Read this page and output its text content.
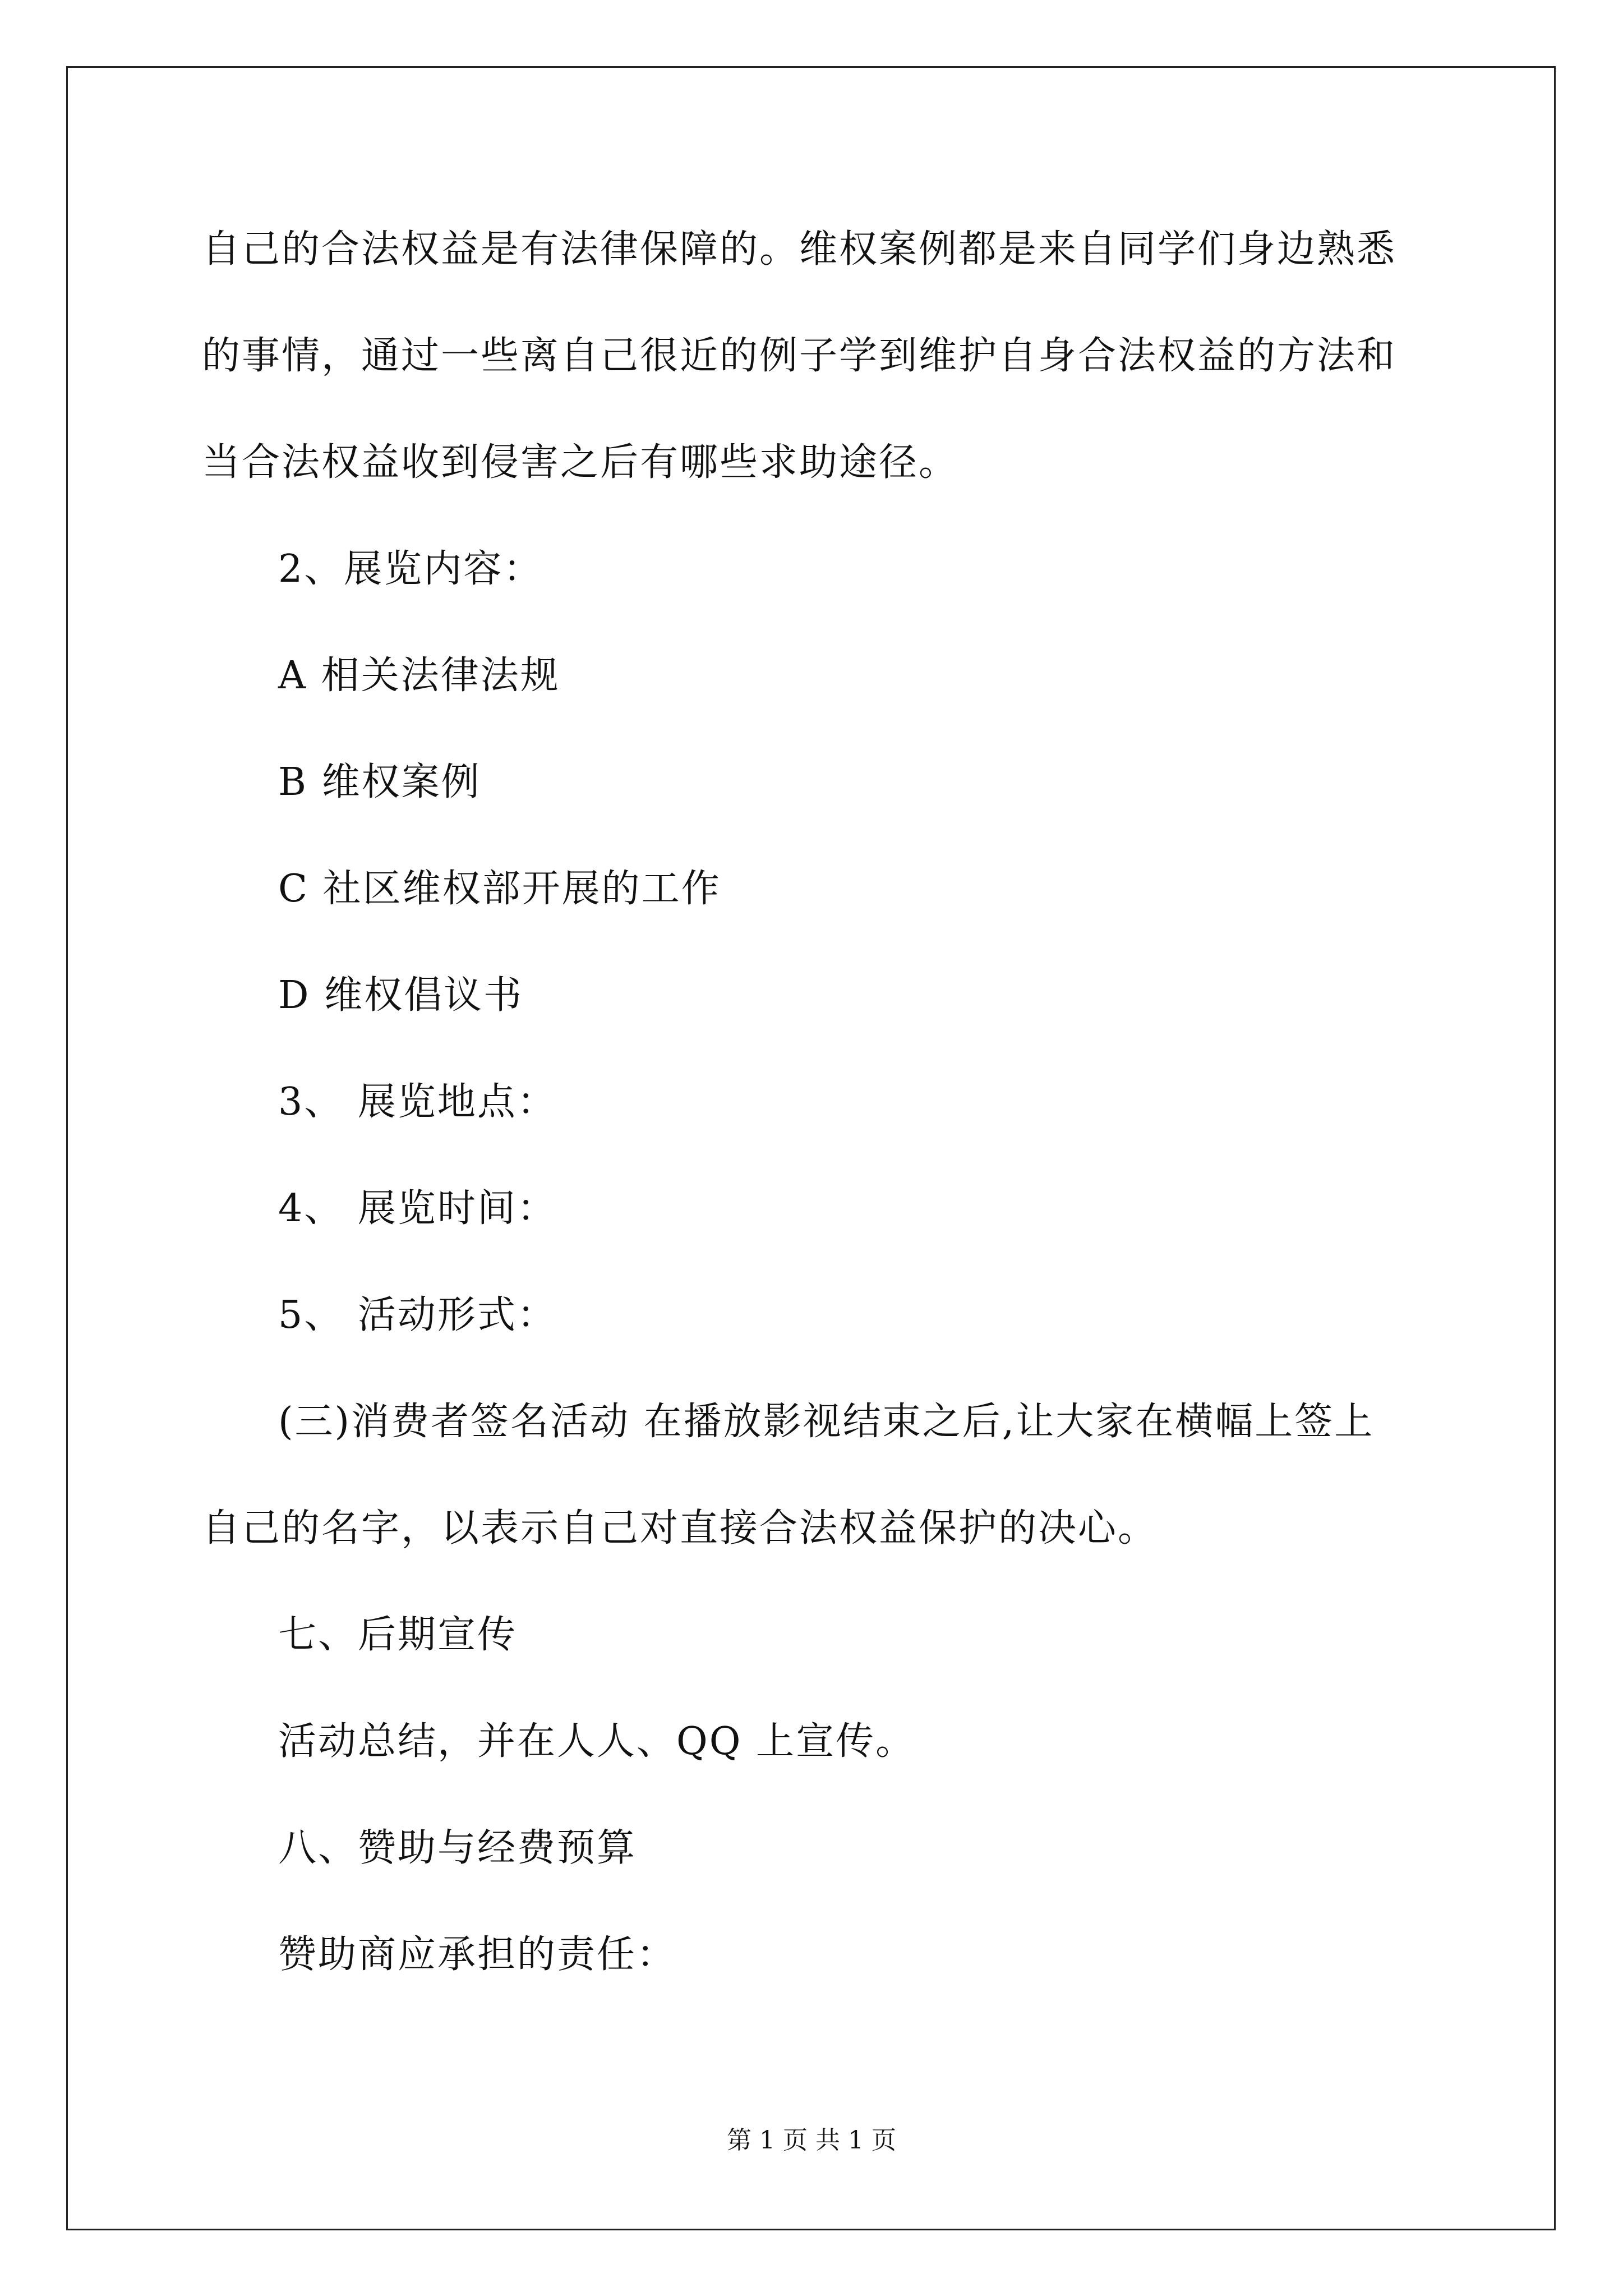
自己的合法权益是有法律保障的。维权案例都是来自同学们身边熟悉
的事情，通过一些离自己很近的例子学到维护自身合法权益的方法和
当合法权益收到侵害之后有哪些求助途径。
2、展览内容：
A 相关法律法规
B 维权案例
C 社区维权部开展的工作
D 维权倡议书
3、 展览地点：
4、 展览时间：
5、 活动形式：
(三)消费者签名活动 在播放影视结束之后,让大家在横幅上签上
自己的名字，以表示自己对直接合法权益保护的决心。
七、后期宣传
活动总结，并在人人、QQ 上宣传。
八、赞助与经费预算
赞助商应承担的责任：
第 1 页 共 1 页
